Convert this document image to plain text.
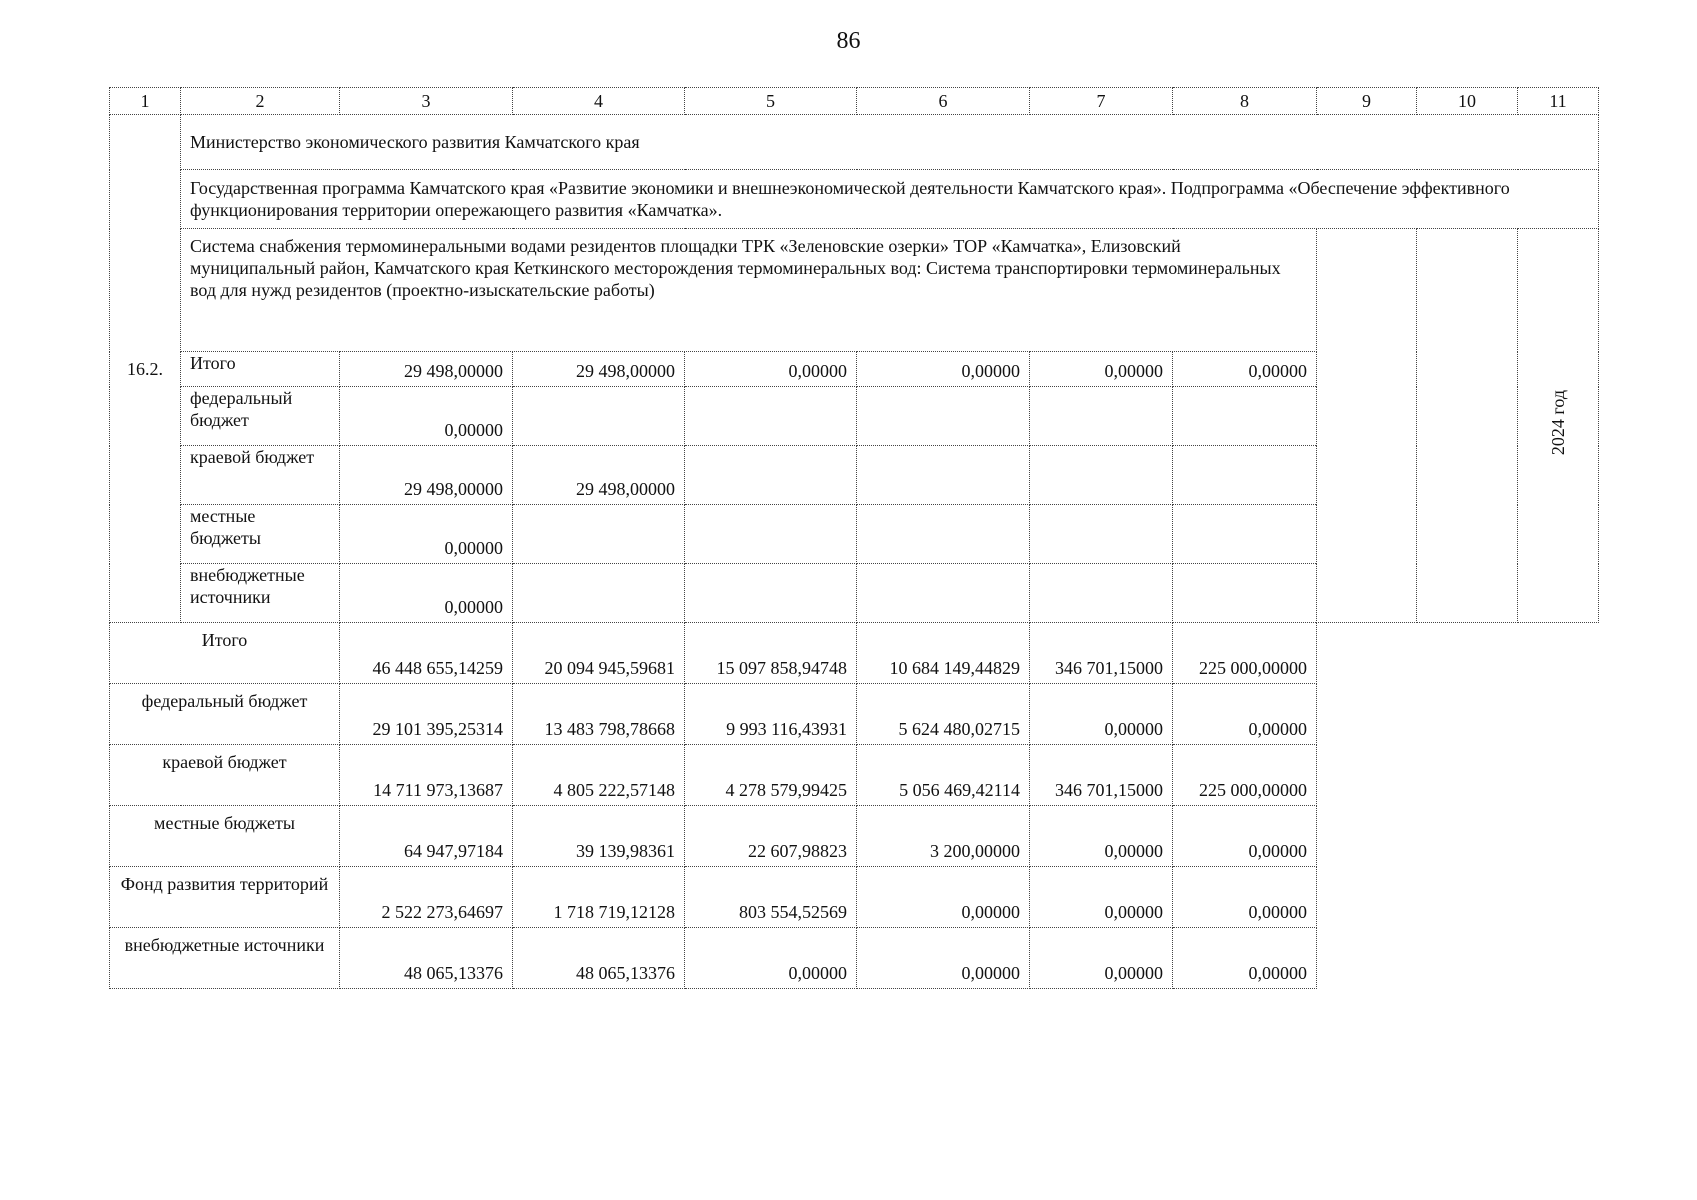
86
1	2	3	4	5	6	7	8	9	10	11
16.2.	Министерство экономического развития Камчатского края									
	Государственная программа Камчатского края «Развитие экономики и внешнеэкономической деятельности Камчатского края». Подпрограмма «Обеспечение эффективного функционирования территории опережающего развития «Камчатка».									
	Система снабжения термоминеральными водами резидентов площадки ТРК «Зеленовские озерки» ТОР «Камчатка», Елизовский муниципальный район, Камчатского края Кеткинского месторождения термоминеральных вод: Система транспортировки термоминеральных вод для нужд резидентов (проектно-изыскательские работы)									2024 год
	Итого	29 498,00000	29 498,00000	0,00000	0,00000	0,00000	0,00000			
	федеральный бюджет	0,00000								
	краевой бюджет	29 498,00000	29 498,00000							
	местные бюджеты	0,00000								
	внебюджетные источники	0,00000								
Итого		46 448 655,14259	20 094 945,59681	15 097 858,94748	10 684 149,44829	346 701,15000	225 000,00000			
федеральный бюджет		29 101 395,25314	13 483 798,78668	9 993 116,43931	5 624 480,02715	0,00000	0,00000			
краевой бюджет		14 711 973,13687	4 805 222,57148	4 278 579,99425	5 056 469,42114	346 701,15000	225 000,00000			
местные бюджеты		64 947,97184	39 139,98361	22 607,98823	3 200,00000	0,00000	0,00000			
Фонд развития территорий		2 522 273,64697	1 718 719,12128	803 554,52569	0,00000	0,00000	0,00000			
внебюджетные источники		48 065,13376	48 065,13376	0,00000	0,00000	0,00000	0,00000			
